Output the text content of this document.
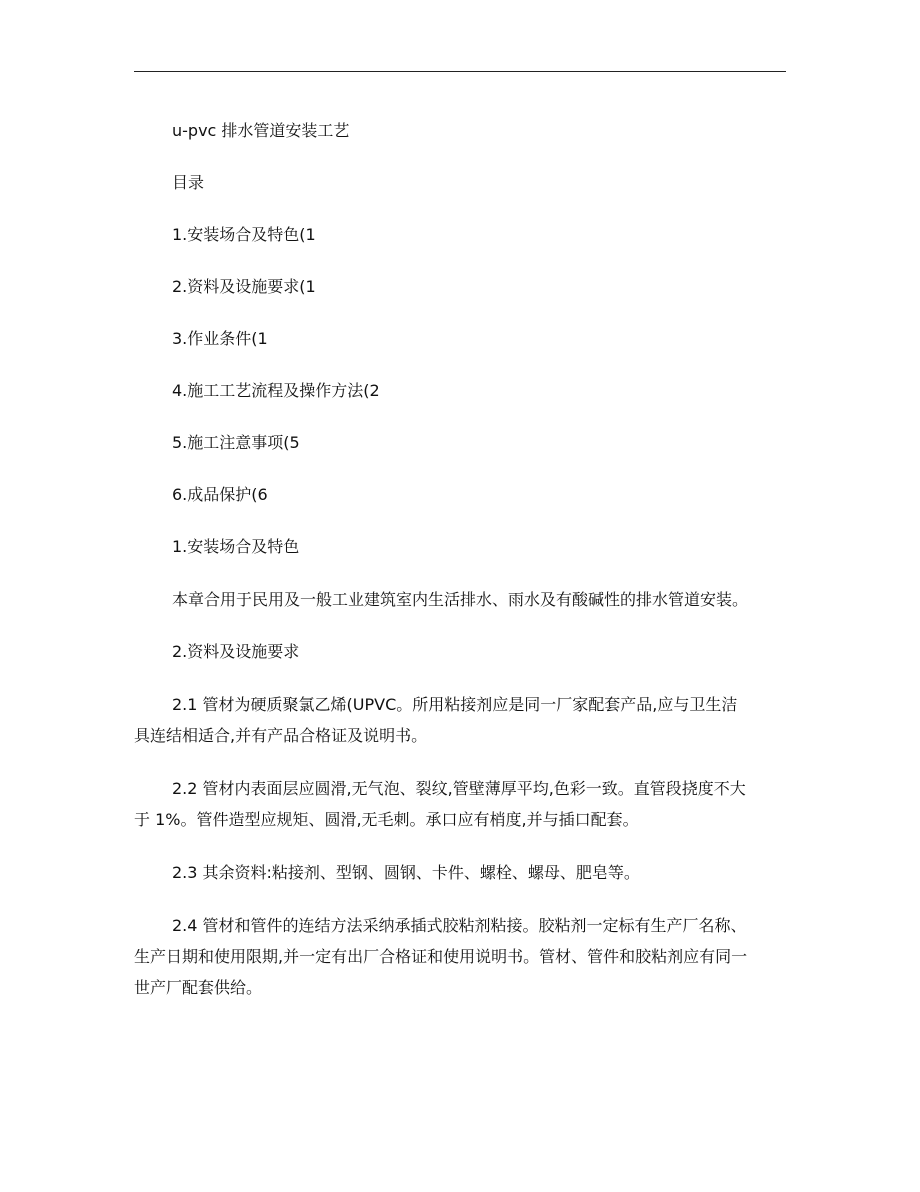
u-pvc 排水管道安装工艺

目录

1.安装场合及特色(1

2.资料及设施要求(1

3.作业条件(1

4.施工工艺流程及操作方法(2

5.施工注意事项(5

6.成品保护(6

1.安装场合及特色

本章合用于民用及一般工业建筑室内生活排水、雨水及有酸碱性的排水管道安装。

2.资料及设施要求

2.1 管材为硬质聚氯乙烯(UPVC。所用粘接剂应是同一厂家配套产品,应与卫生洁具连结相适合,并有产品合格证及说明书。

2.2 管材内表面层应圆滑,无气泡、裂纹,管壁薄厚平均,色彩一致。直管段挠度不大于 1%。管件造型应规矩、圆滑,无毛刺。承口应有梢度,并与插口配套。

2.3 其余资料:粘接剂、型钢、圆钢、卡件、螺栓、螺母、肥皂等。

2.4 管材和管件的连结方法采纳承插式胶粘剂粘接。胶粘剂一定标有生产厂名称、生产日期和使用限期,并一定有出厂合格证和使用说明书。管材、管件和胶粘剂应有同一世产厂配套供给。
